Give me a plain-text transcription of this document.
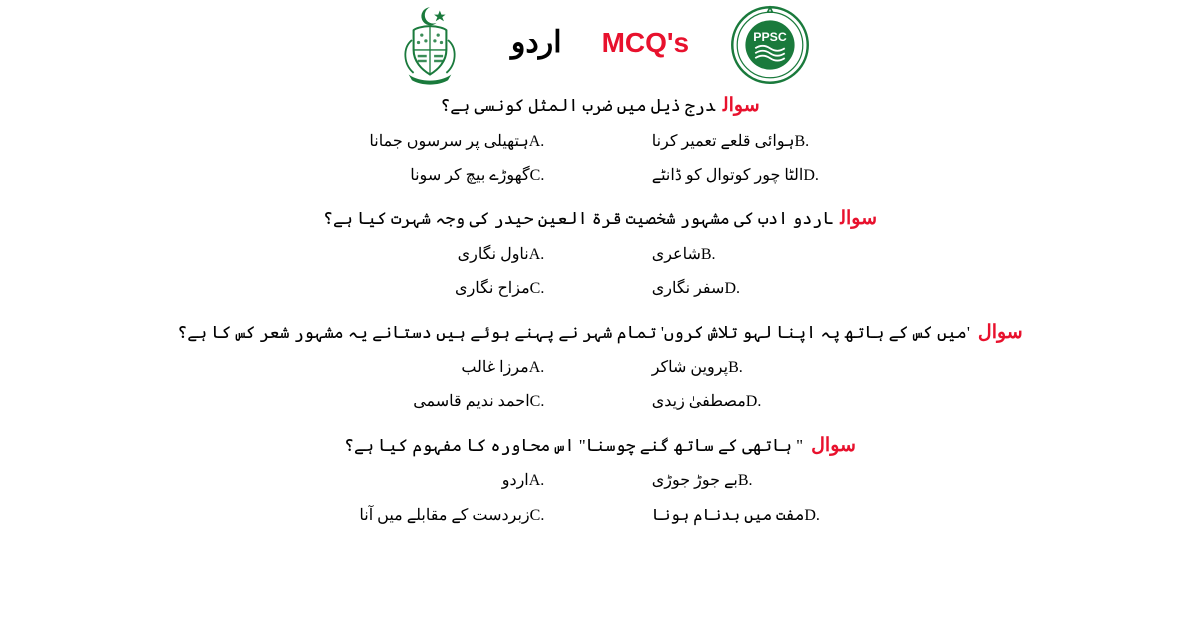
اردو MCQ's	PPSC
سوالدرج ذیل میں ضرب المثل کونسی ہے؟
B.ہوائی قلعے تعمیر کرنا
A.ہتھیلی پر سرسوں جمانا
D.الٹا چور کوتوال کو ڈانٹے
C.گھوڑے بیچ کر سونا
سوالاردو ادب کی مشہور شخصیت قرۃ العین حیدر کی وجہ شہرت کیا ہے؟
B.شاعری
A.ناول نگاری
D.سفر نگاری
C.مزاح نگاری
سوال'میں کس کے ہاتھ پہ اپنا لہو تلاش کروں' تمام شہر نے پہنے ہوئے ہیں دستانے یہ مشہور شعر کس کا ہے؟
B.پروین شاکر
A.مرزا غالب
D.مصطفیٰ زیدی
C.احمد ندیم قاسمی
سوال" ہاتھی کے ساتھ گنے چوسنا" اس محاورہ کا مفہوم کیا ہے؟
B.بے جوڑ جوڑی
A.اردو
D.مفت میں بدنام ہونا
C.زبردست کے مقابلے میں آنا
